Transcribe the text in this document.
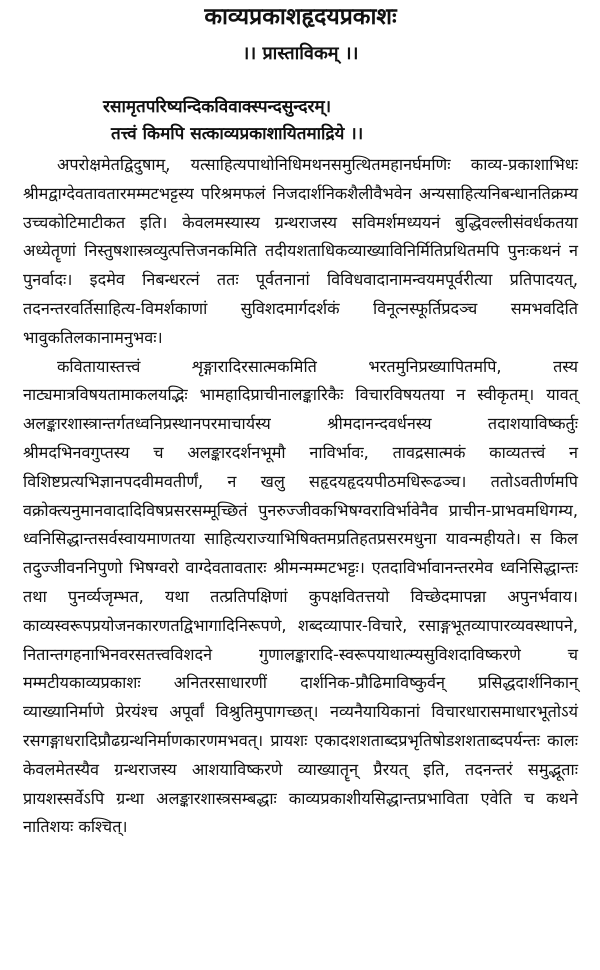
काव्यप्रकाशहृदयप्रकाशः
।। प्रास्ताविकम् ।।
रसामृतपरिष्यन्दिकविवाक्स्पन्दसुन्दरम्।
तत्त्वं किमपि सत्काव्यप्रकाशायितमाद्रिये ।।

अपरोक्षमेतद्विदुषाम्, यत्साहित्यपाथोनिधिमथनसमुत्थितमहानर्घमणिः काव्य-प्रकाशाभिधः श्रीमद्वाग्देवतावतारमम्मटभट्टस्य परिश्रमफलं निजदार्शनिकशैलीवैभवेन अन्यसाहित्यनिबन्धानतिक्रम्य उच्चकोटिमाटीकत इति। केवलमस्यास्य ग्रन्थराजस्य सविमर्शमध्ययनं बुद्धिवल्लीसंवर्धकतया अध्येतॄणां निस्तुषशास्त्रव्युत्पत्तिजनकमिति तदीयशताधिकव्याख्याविनिर्मितिप्रथितमपि पुनःकथनं न पुनर्वादः। इदमेव निबन्धरत्नं ततः पूर्वतनानां विविधवादानामन्वयमपूर्वरीत्या प्रतिपादयत्, तदनन्तरवर्तिसाहित्य-विमर्शकाणां सुविशदमार्गदर्शकं विनूत्नस्फूर्तिप्रदञ्च समभवदिति भावुकतिलकानामनुभवः।

कवितायास्तत्त्वं शृङ्गारादिरसात्मकमिति भरतमुनिप्रख्यापितमपि, तस्य नाट्यमात्रविषयतामाकलयद्भिः भामहादिप्राचीनालङ्कारिकैः विचारविषयतया न स्वीकृतम्। यावत् अलङ्कारशास्त्रान्तर्गतध्वनिप्रस्थानपरमाचार्यस्य श्रीमदानन्दवर्धनस्य तदाशयाविष्कर्तुः श्रीमदभिनवगुप्तस्य च अलङ्कारदर्शनभूमौ नाविर्भावः, तावद्रसात्मकं काव्यतत्त्वं न विशिष्टप्रत्यभिज्ञानपदवीमवतीर्णं, न खलु सहृदयहृदयपीठमधिरूढञ्च। ततोऽवतीर्णमपि वक्रोक्त्यनुमानवादादिविषप्रसरसम्मूच्छितं पुनरुज्जीवकभिषग्वराविर्भावेनैव प्राचीन-प्राभवमधिगम्य, ध्वनिसिद्धान्तसर्वस्वायमाणतया साहित्यराज्याभिषिक्तमप्रतिहतप्रसरमधुना यावन्महीयते। स किल तदुज्जीवननिपुणो भिषग्वरो वाग्देवतावतारः श्रीमन्मम्मटभट्टः। एतदाविर्भावानन्तरमेव ध्वनिसिद्धान्तः तथा पुनर्व्यजृम्भत, यथा तत्प्रतिपक्षिणां कुपक्षवितत्तयो विच्छेदमापन्ना अपुनर्भवाय। काव्यस्वरूपप्रयोजनकारणतद्विभागादिनिरूपणे, शब्दव्यापार-विचारे, रसाङ्गभूतव्यापारव्यवस्थापने, नितान्तगहनाभिनवरसतत्त्वविशदने गुणालङ्कारादि-स्वरूपयाथात्म्यसुविशदाविष्करणे च मम्मटीयकाव्यप्रकाशः अनितरसाधारणीं दार्शनिक-प्रौढिमाविष्कुर्वन् प्रसिद्धदार्शनिकान् व्याख्यानिर्माणे प्रेरयंश्च अपूर्वां विश्रुतिमुपागच्छत्। नव्यनैयायिकानां विचारधारासमाधारभूतोऽयं रसगङ्गाधरादिप्रौढग्रन्थनिर्माणकारणमभवत्। प्रायशः एकादशशताब्दप्रभृतिषोडशशताब्दपर्यन्तः कालः केवलमेतस्यैव ग्रन्थराजस्य आशयाविष्करणे व्याख्यातॄन् प्रैरयत् इति, तदनन्तरं समुद्भूताः प्रायशस्सर्वेऽपि ग्रन्था अलङ्कारशास्त्रसम्बद्धाः काव्यप्रकाशीयसिद्धान्तप्रभाविता एवेति च कथने नातिशयः कश्चित्।
